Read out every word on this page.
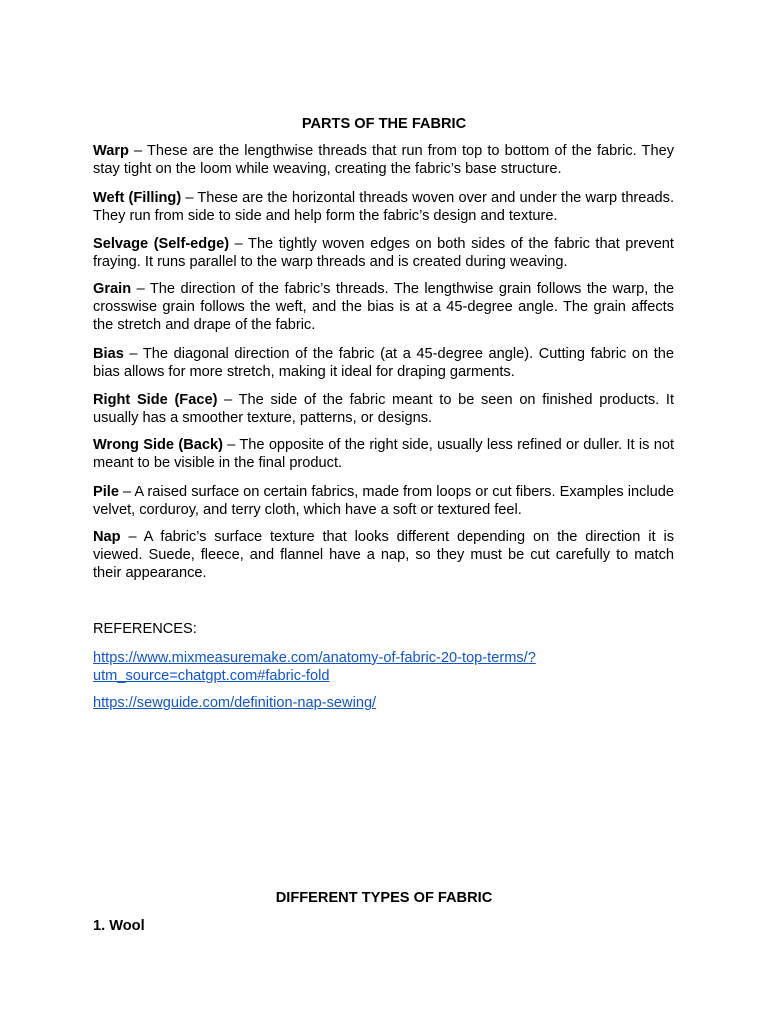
PARTS OF THE FABRIC

Warp – These are the lengthwise threads that run from top to bottom of the fabric. They stay tight on the loom while weaving, creating the fabric’s base structure.

Weft (Filling) – These are the horizontal threads woven over and under the warp threads. They run from side to side and help form the fabric’s design and texture.

Selvage (Self-edge) – The tightly woven edges on both sides of the fabric that prevent fraying. It runs parallel to the warp threads and is created during weaving.

Grain – The direction of the fabric’s threads. The lengthwise grain follows the warp, the crosswise grain follows the weft, and the bias is at a 45-degree angle. The grain affects the stretch and drape of the fabric.

Bias – The diagonal direction of the fabric (at a 45-degree angle). Cutting fabric on the bias allows for more stretch, making it ideal for draping garments.

Right Side (Face) – The side of the fabric meant to be seen on finished products. It usually has a smoother texture, patterns, or designs.

Wrong Side (Back) – The opposite of the right side, usually less refined or duller. It is not meant to be visible in the final product.

Pile – A raised surface on certain fabrics, made from loops or cut fibers. Examples include velvet, corduroy, and terry cloth, which have a soft or textured feel.

Nap – A fabric’s surface texture that looks different depending on the direction it is viewed. Suede, fleece, and flannel have a nap, so they must be cut carefully to match their appearance.

REFERENCES:

https://www.mixmeasuremake.com/anatomy-of-fabric-20-top-terms/?
utm_source=chatgpt.com#fabric-fold

https://sewguide.com/definition-nap-sewing/

DIFFERENT TYPES OF FABRIC

1. Wool
